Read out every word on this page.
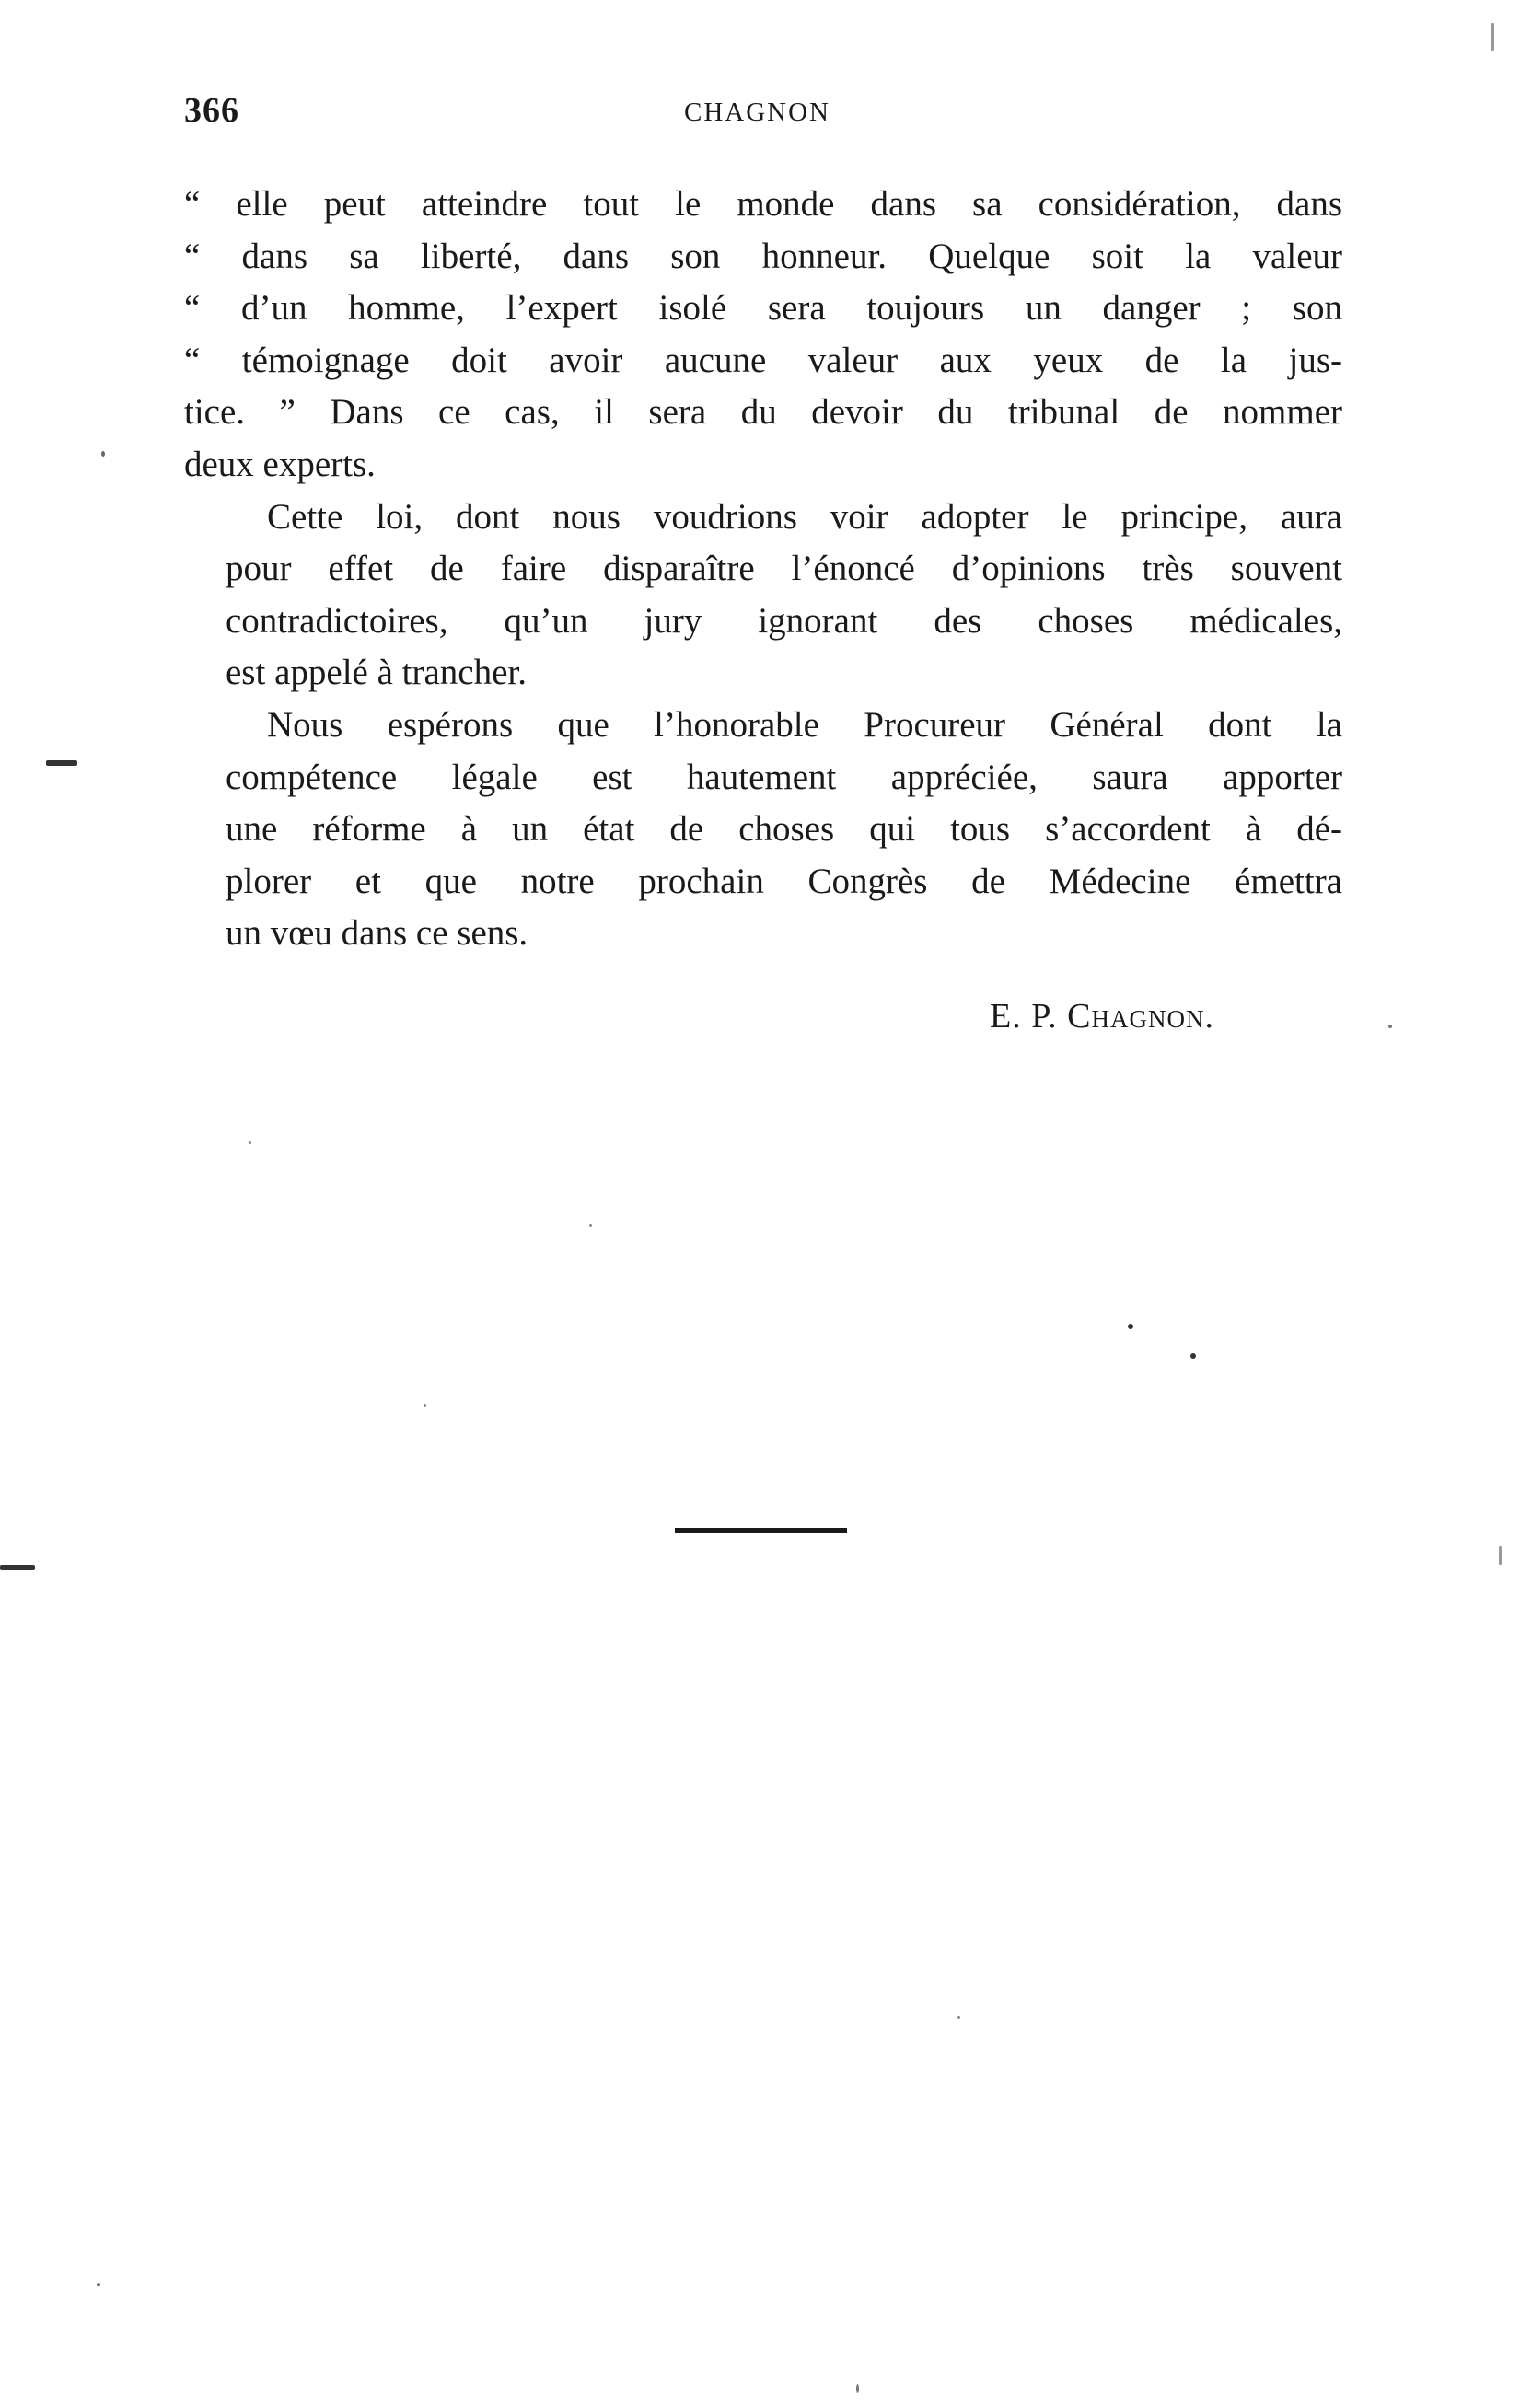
366	CHAGNON

“ elle peut atteindre tout le monde dans sa considération, dans
“ dans sa liberté, dans son honneur. Quelque soit la valeur
“ d’un homme, l’expert isolé sera toujours un danger ; son
“ témoignage doit avoir aucune valeur aux yeux de la jus-
tice. ” Dans ce cas, il sera du devoir du tribunal de nommer
deux experts.

Cette loi, dont nous voudrions voir adopter le principe, aura
pour effet de faire disparaître l’énoncé d’opinions très souvent
contradictoires, qu’un jury ignorant des choses médicales,
est appelé à trancher.

Nous espérons que l’honorable Procureur Général dont la
compétence légale est hautement appréciée, saura apporter
une réforme à un état de choses qui tous s’accordent à dé-
plorer et que notre prochain Congrès de Médecine émettra
un vœu dans ce sens.

E. P. Chagnon.
